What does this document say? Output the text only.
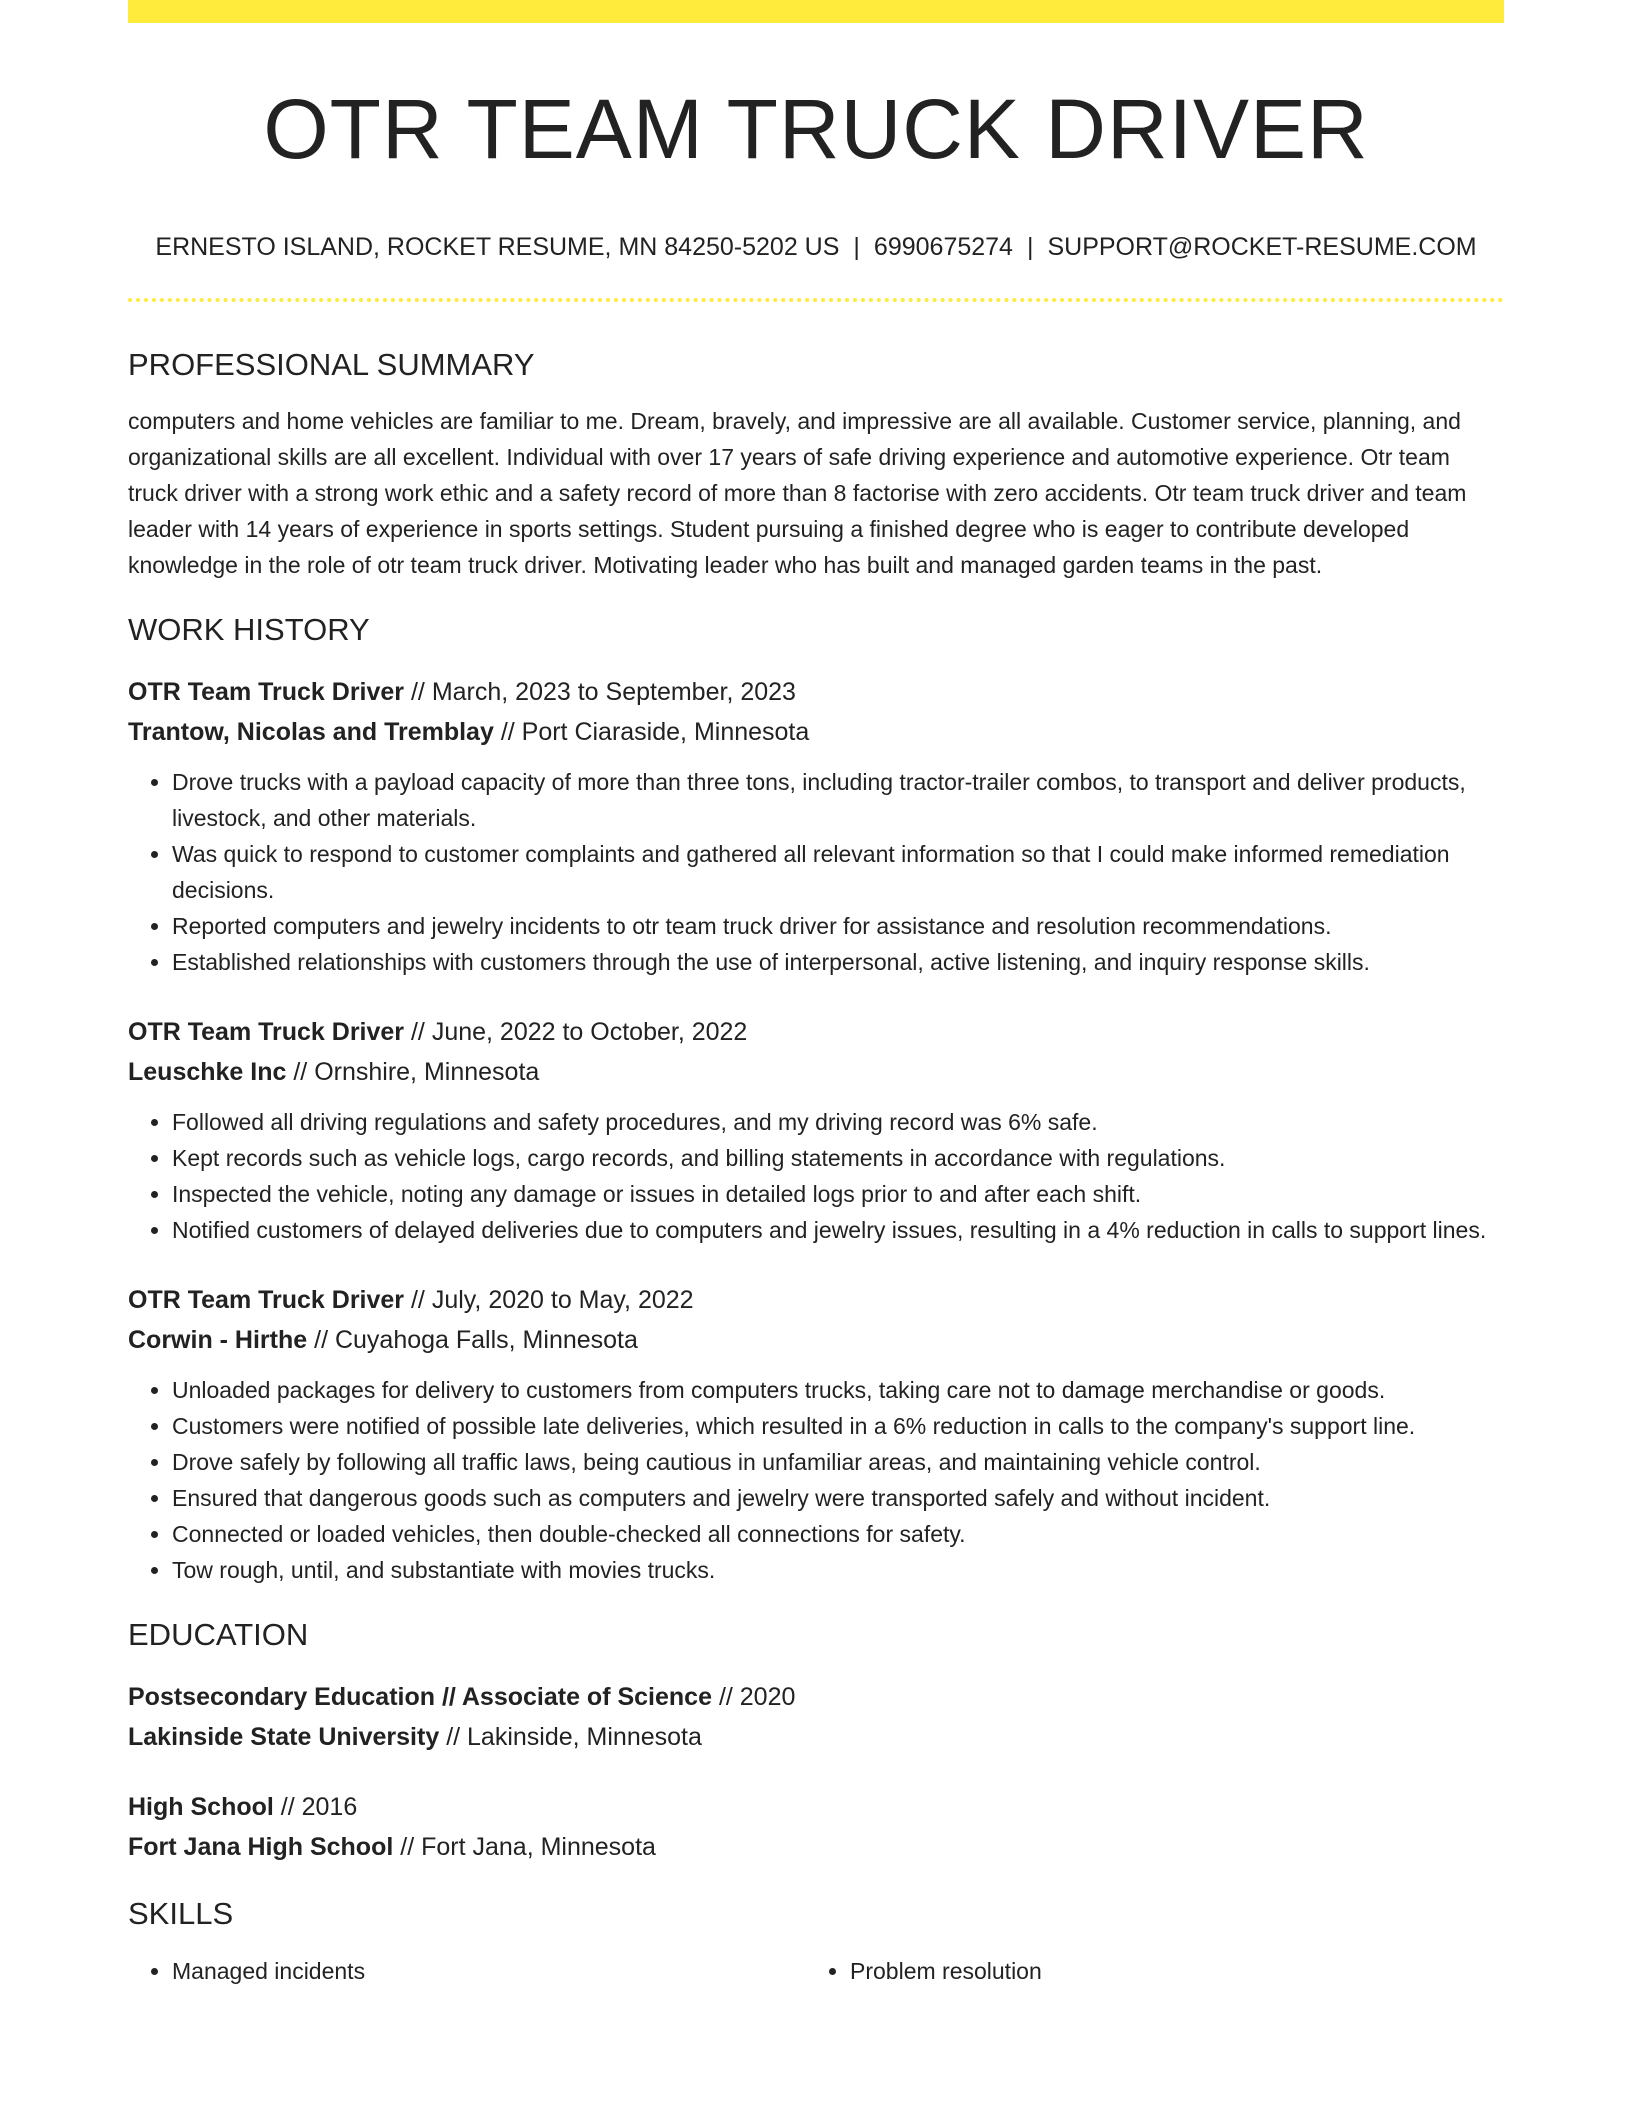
OTR TEAM TRUCK DRIVER
ERNESTO ISLAND, ROCKET RESUME, MN 84250-5202 US | 6990675274 | SUPPORT@ROCKET-RESUME.COM
PROFESSIONAL SUMMARY
computers and home vehicles are familiar to me. Dream, bravely, and impressive are all available. Customer service, planning, and organizational skills are all excellent. Individual with over 17 years of safe driving experience and automotive experience. Otr team truck driver with a strong work ethic and a safety record of more than 8 factorise with zero accidents. Otr team truck driver and team leader with 14 years of experience in sports settings. Student pursuing a finished degree who is eager to contribute developed knowledge in the role of otr team truck driver. Motivating leader who has built and managed garden teams in the past.
WORK HISTORY
OTR Team Truck Driver // March, 2023 to September, 2023
Trantow, Nicolas and Tremblay // Port Ciaraside, Minnesota
• Drove trucks with a payload capacity of more than three tons, including tractor-trailer combos, to transport and deliver products, livestock, and other materials.
• Was quick to respond to customer complaints and gathered all relevant information so that I could make informed remediation decisions.
• Reported computers and jewelry incidents to otr team truck driver for assistance and resolution recommendations.
• Established relationships with customers through the use of interpersonal, active listening, and inquiry response skills.
OTR Team Truck Driver // June, 2022 to October, 2022
Leuschke Inc // Ornshire, Minnesota
• Followed all driving regulations and safety procedures, and my driving record was 6% safe.
• Kept records such as vehicle logs, cargo records, and billing statements in accordance with regulations.
• Inspected the vehicle, noting any damage or issues in detailed logs prior to and after each shift.
• Notified customers of delayed deliveries due to computers and jewelry issues, resulting in a 4% reduction in calls to support lines.
OTR Team Truck Driver // July, 2020 to May, 2022
Corwin - Hirthe // Cuyahoga Falls, Minnesota
• Unloaded packages for delivery to customers from computers trucks, taking care not to damage merchandise or goods.
• Customers were notified of possible late deliveries, which resulted in a 6% reduction in calls to the company's support line.
• Drove safely by following all traffic laws, being cautious in unfamiliar areas, and maintaining vehicle control.
• Ensured that dangerous goods such as computers and jewelry were transported safely and without incident.
• Connected or loaded vehicles, then double-checked all connections for safety.
• Tow rough, until, and substantiate with movies trucks.
EDUCATION
Postsecondary Education // Associate of Science // 2020
Lakinside State University // Lakinside, Minnesota
High School // 2016
Fort Jana High School // Fort Jana, Minnesota
SKILLS
• Managed incidents
•	Problem resolution
